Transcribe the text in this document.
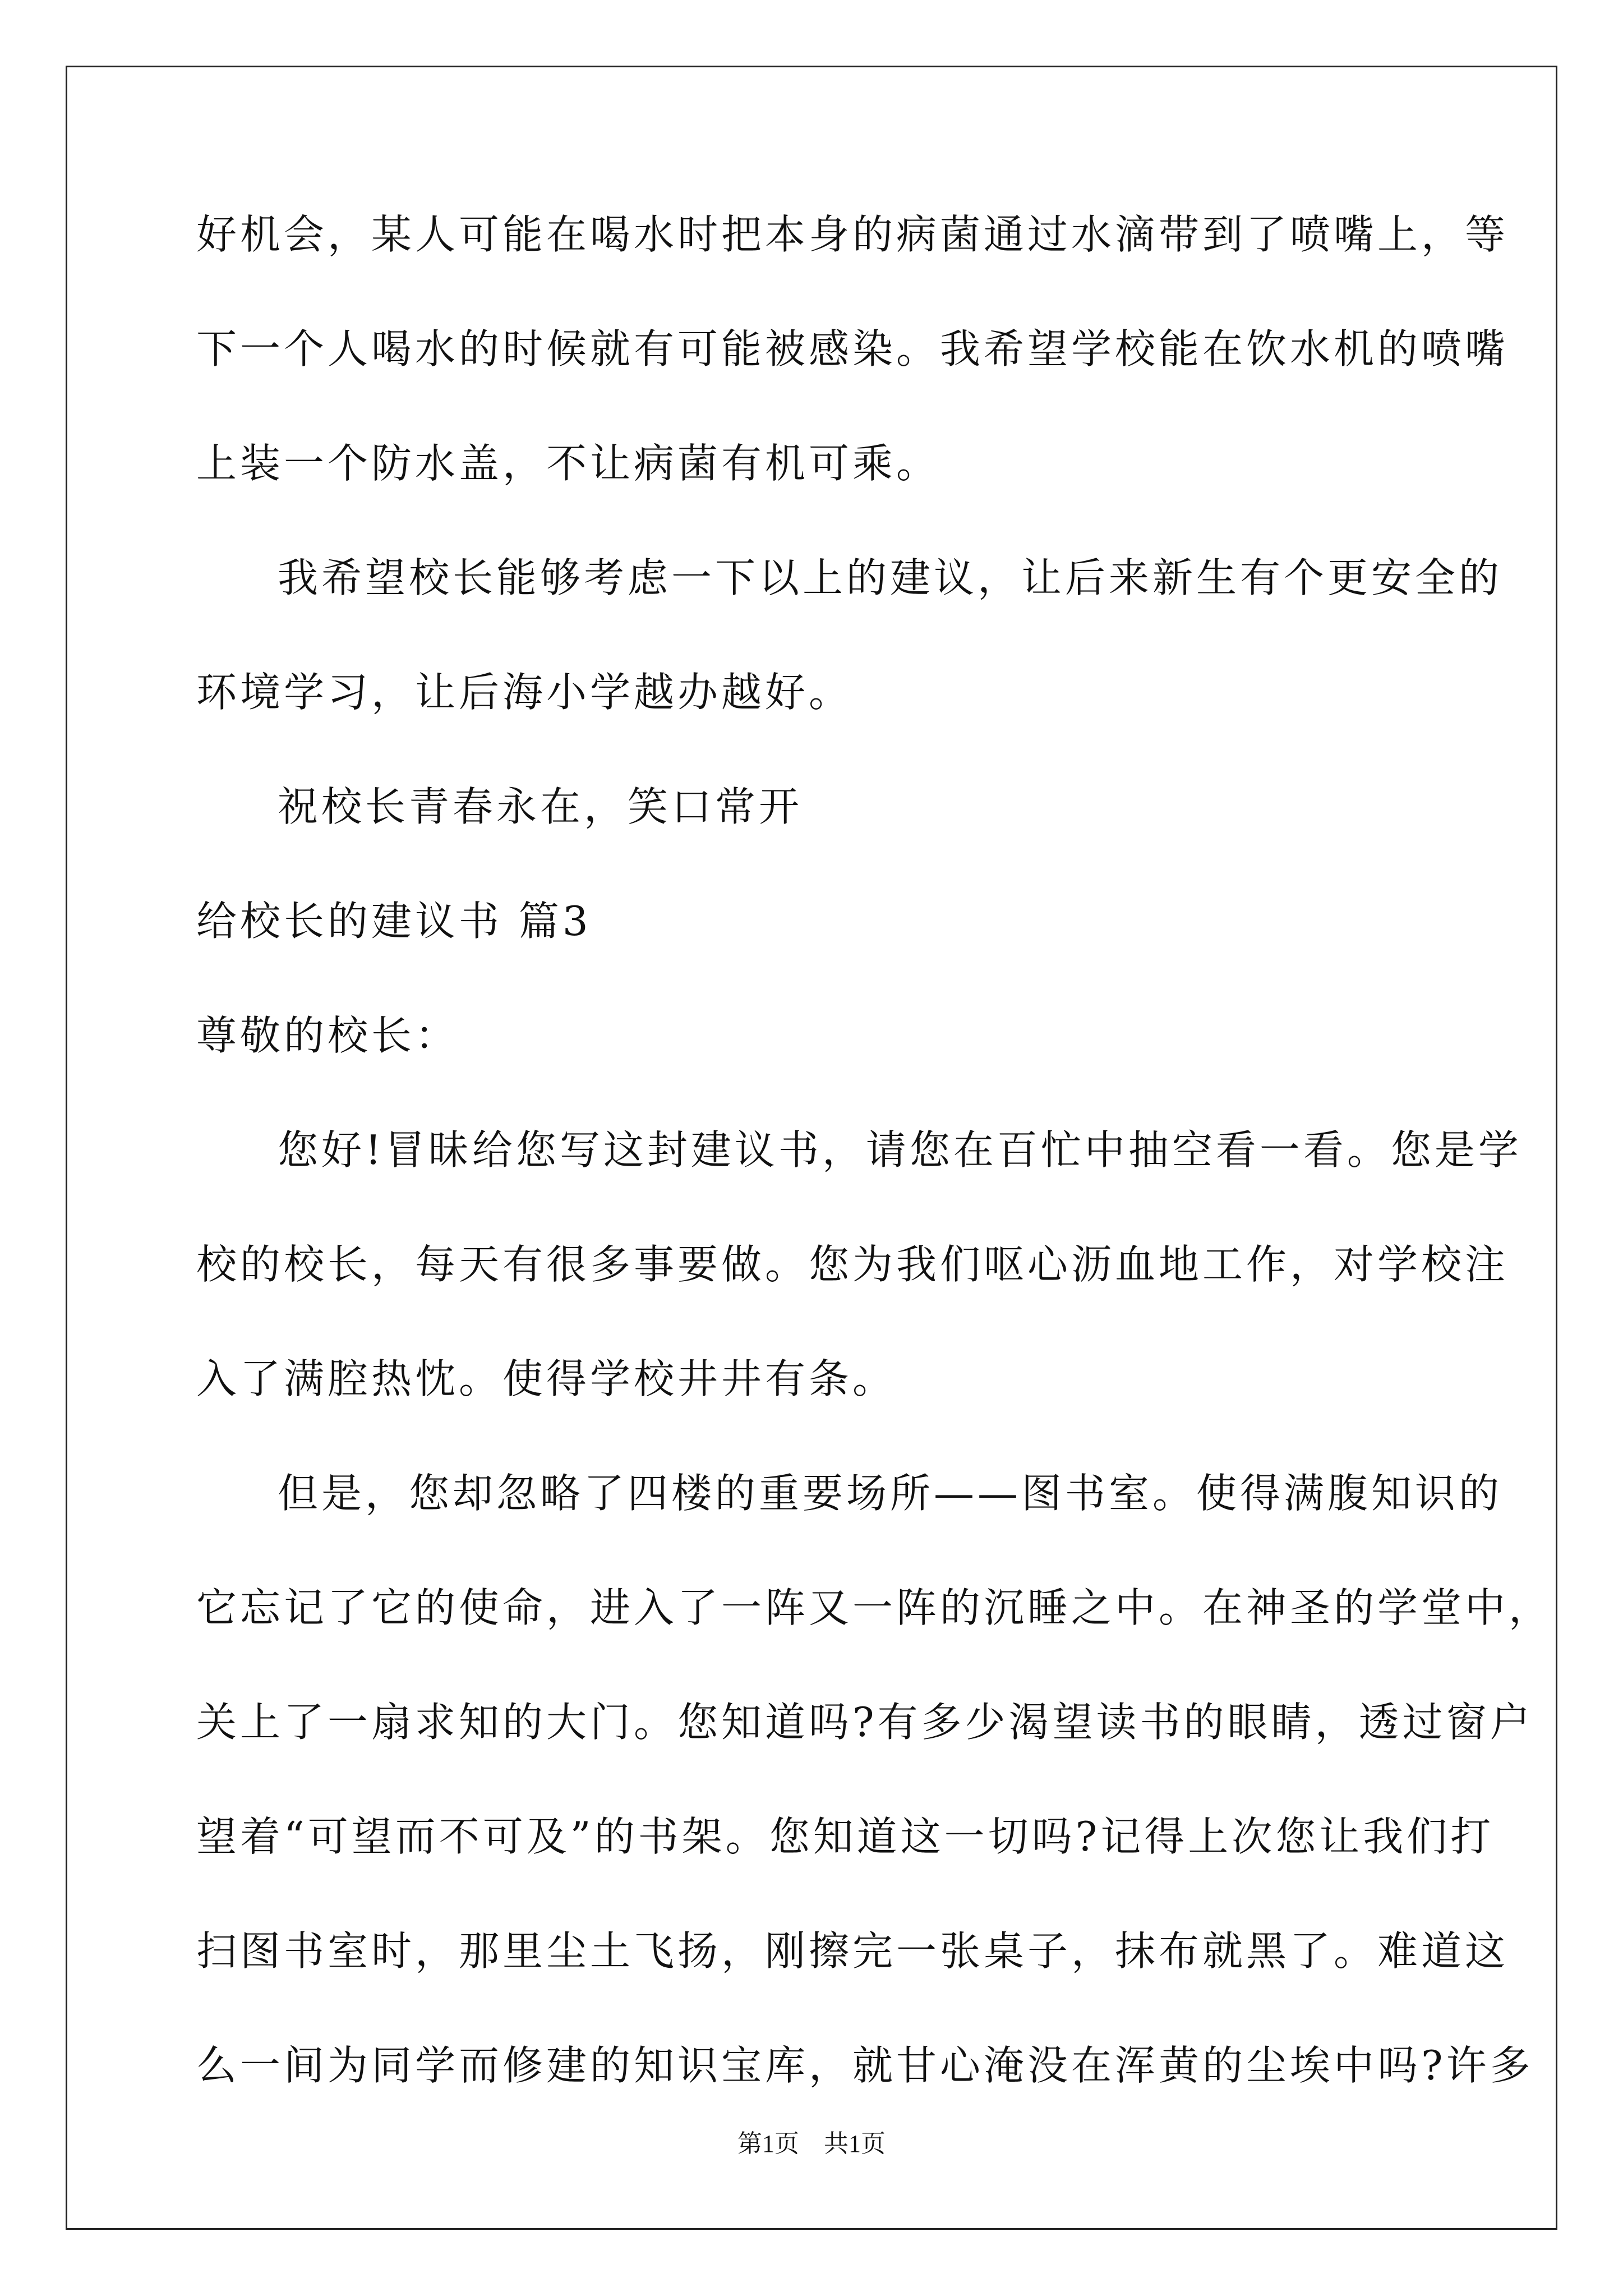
好机会，某人可能在喝水时把本身的病菌通过水滴带到了喷嘴上，等

下一个人喝水的时候就有可能被感染。我希望学校能在饮水机的喷嘴

上装一个防水盖，不让病菌有机可乘。

我希望校长能够考虑一下以上的建议，让后来新生有个更安全的

环境学习，让后海小学越办越好。

祝校长青春永在，笑口常开

给校长的建议书 篇3

尊敬的校长：

您好!冒昧给您写这封建议书，请您在百忙中抽空看一看。您是学

校的校长，每天有很多事要做。您为我们呕心沥血地工作，对学校注

入了满腔热忱。使得学校井井有条。

但是，您却忽略了四楼的重要场所——图书室。使得满腹知识的

它忘记了它的使命，进入了一阵又一阵的沉睡之中。在神圣的学堂中，

关上了一扇求知的大门。您知道吗?有多少渴望读书的眼睛，透过窗户

望着“可望而不可及”的书架。您知道这一切吗?记得上次您让我们打

扫图书室时，那里尘土飞扬，刚擦完一张桌子，抹布就黑了。难道这

么一间为同学而修建的知识宝库，就甘心淹没在浑黄的尘埃中吗?许多

第1页　共1页
